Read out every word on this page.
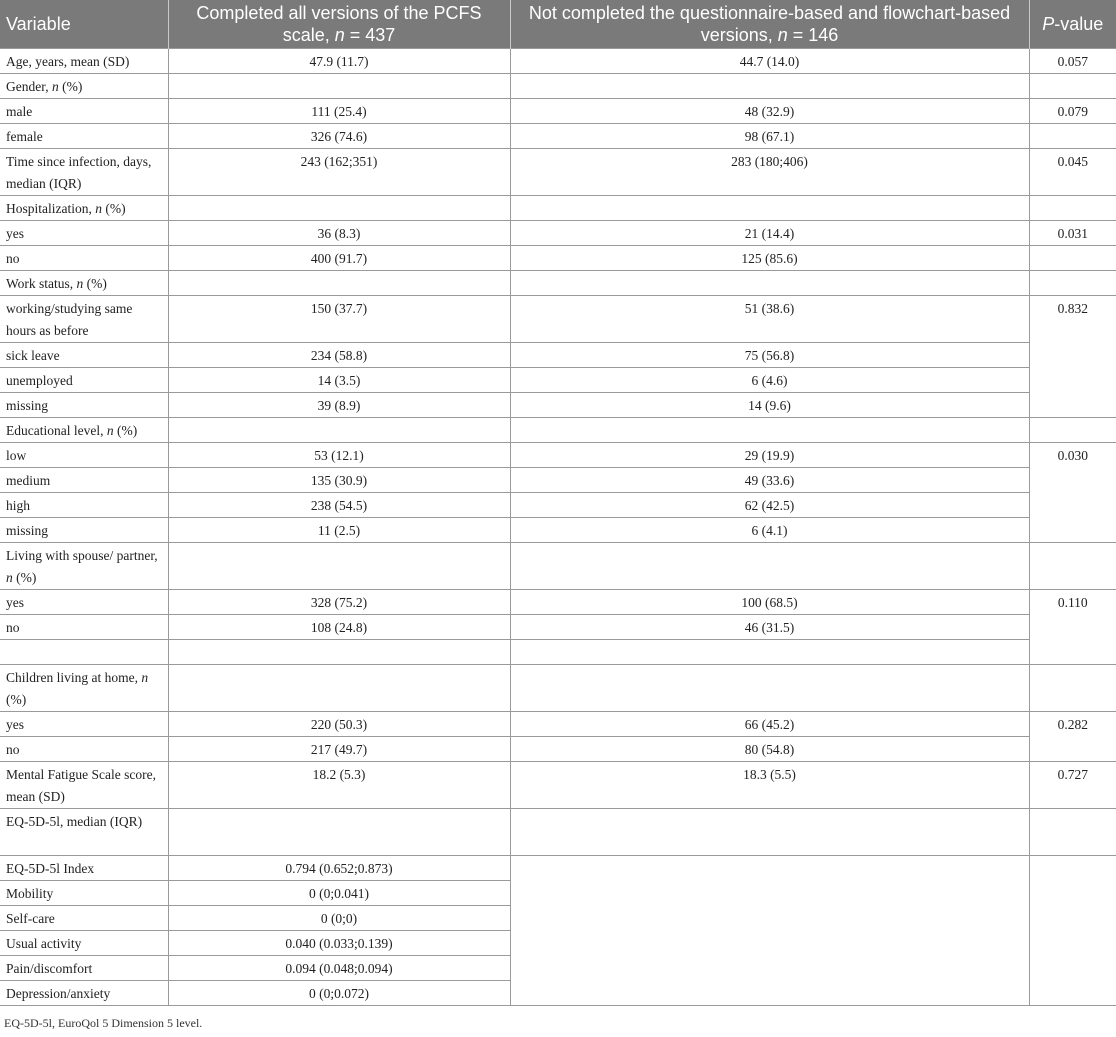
Variable	Completed all versions of the PCFS scale, n = 437	Not completed the questionnaire-based and flowchart-based versions, n = 146	P-value
Age, years, mean (SD)	47.9 (11.7)	44.7 (14.0)	0.057
Gender, n (%)			
male	111 (25.4)	48 (32.9)	0.079
female	326 (74.6)	98 (67.1)	
Time since infection, days, median (IQR)	243 (162;351)	283 (180;406)	0.045
Hospitalization, n (%)			
yes	36 (8.3)	21 (14.4)	0.031
no	400 (91.7)	125 (85.6)	
Work status, n (%)			
working/studying same hours as before	150 (37.7)	51 (38.6)	0.832
sick leave	234 (58.8)	75 (56.8)	
unemployed	14 (3.5)	6 (4.6)	
missing	39 (8.9)	14 (9.6)	
Educational level, n (%)			
low	53 (12.1)	29 (19.9)	0.030
medium	135 (30.9)	49 (33.6)	
high	238 (54.5)	62 (42.5)	
missing	11 (2.5)	6 (4.1)	
Living with spouse/ partner, n (%)			
yes	328 (75.2)	100 (68.5)	0.110
no	108 (24.8)	46 (31.5)	

Children living at home, n (%)			
yes	220 (50.3)	66 (45.2)	0.282
no	217 (49.7)	80 (54.8)	
Mental Fatigue Scale score, mean (SD)	18.2 (5.3)	18.3 (5.5)	0.727
EQ-5D-5l, median (IQR)			
EQ-5D-5l Index	0.794 (0.652;0.873)		
Mobility	0 (0;0.041)		
Self-care	0 (0;0)		
Usual activity	0.040 (0.033;0.139)		
Pain/discomfort	0.094 (0.048;0.094)		
Depression/anxiety	0 (0;0.072)		
EQ-5D-5l, EuroQol 5 Dimension 5 level.
